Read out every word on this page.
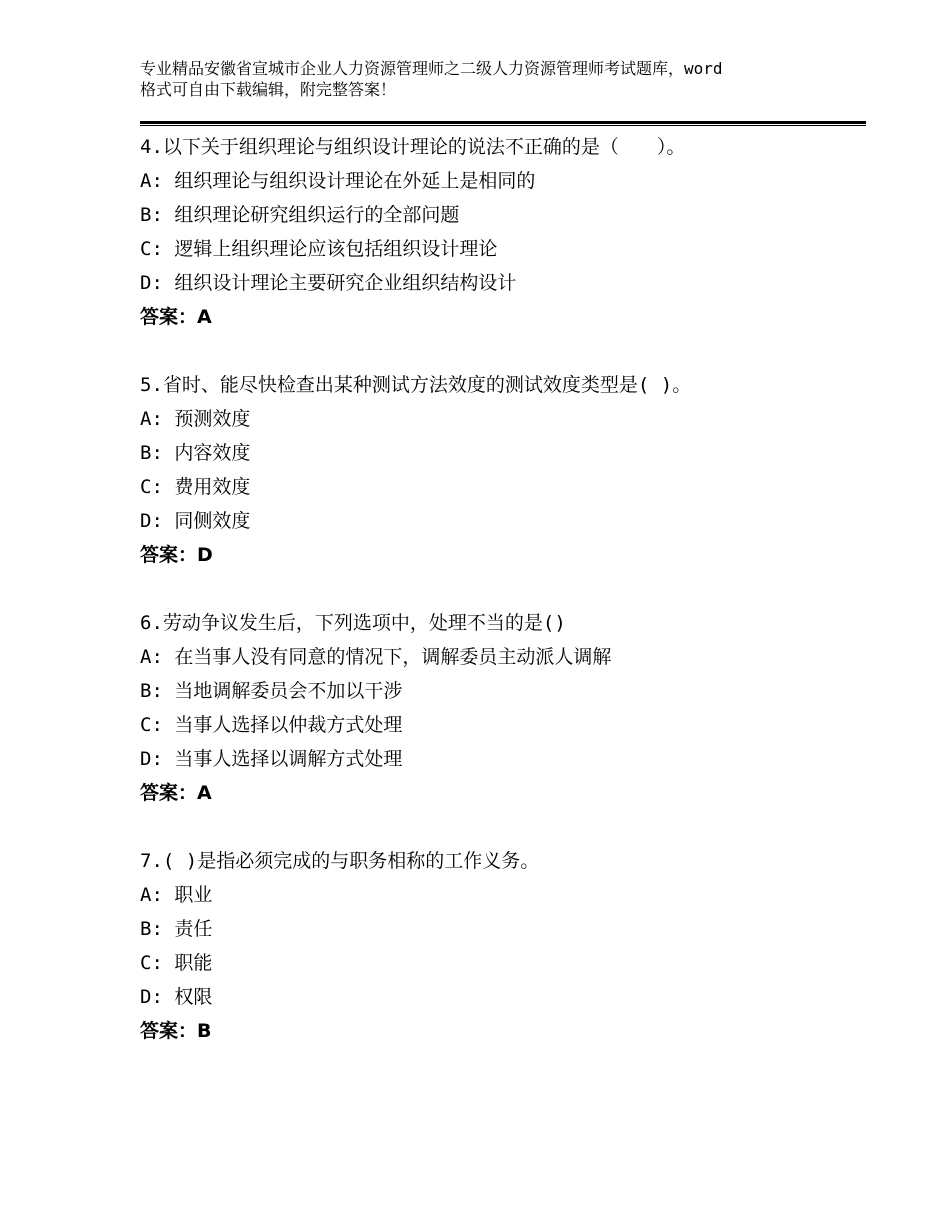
专业精品安徽省宣城市企业人力资源管理师之二级人力资源管理师考试题库，word
格式可自由下载编辑，附完整答案！
4.以下关于组织理论与组织设计理论的说法不正确的是（　　）。
A: 组织理论与组织设计理论在外延上是相同的
B: 组织理论研究组织运行的全部问题
C: 逻辑上组织理论应该包括组织设计理论
D: 组织设计理论主要研究企业组织结构设计
答案：A
5.省时、能尽快检查出某种测试方法效度的测试效度类型是( )。
A: 预测效度
B: 内容效度
C: 费用效度
D: 同侧效度
答案：D
6.劳动争议发生后，下列选项中，处理不当的是()
A: 在当事人没有同意的情况下，调解委员主动派人调解
B: 当地调解委员会不加以干涉
C: 当事人选择以仲裁方式处理
D: 当事人选择以调解方式处理
答案：A
7.( )是指必须完成的与职务相称的工作义务。
A: 职业
B: 责任
C: 职能
D: 权限
答案：B
